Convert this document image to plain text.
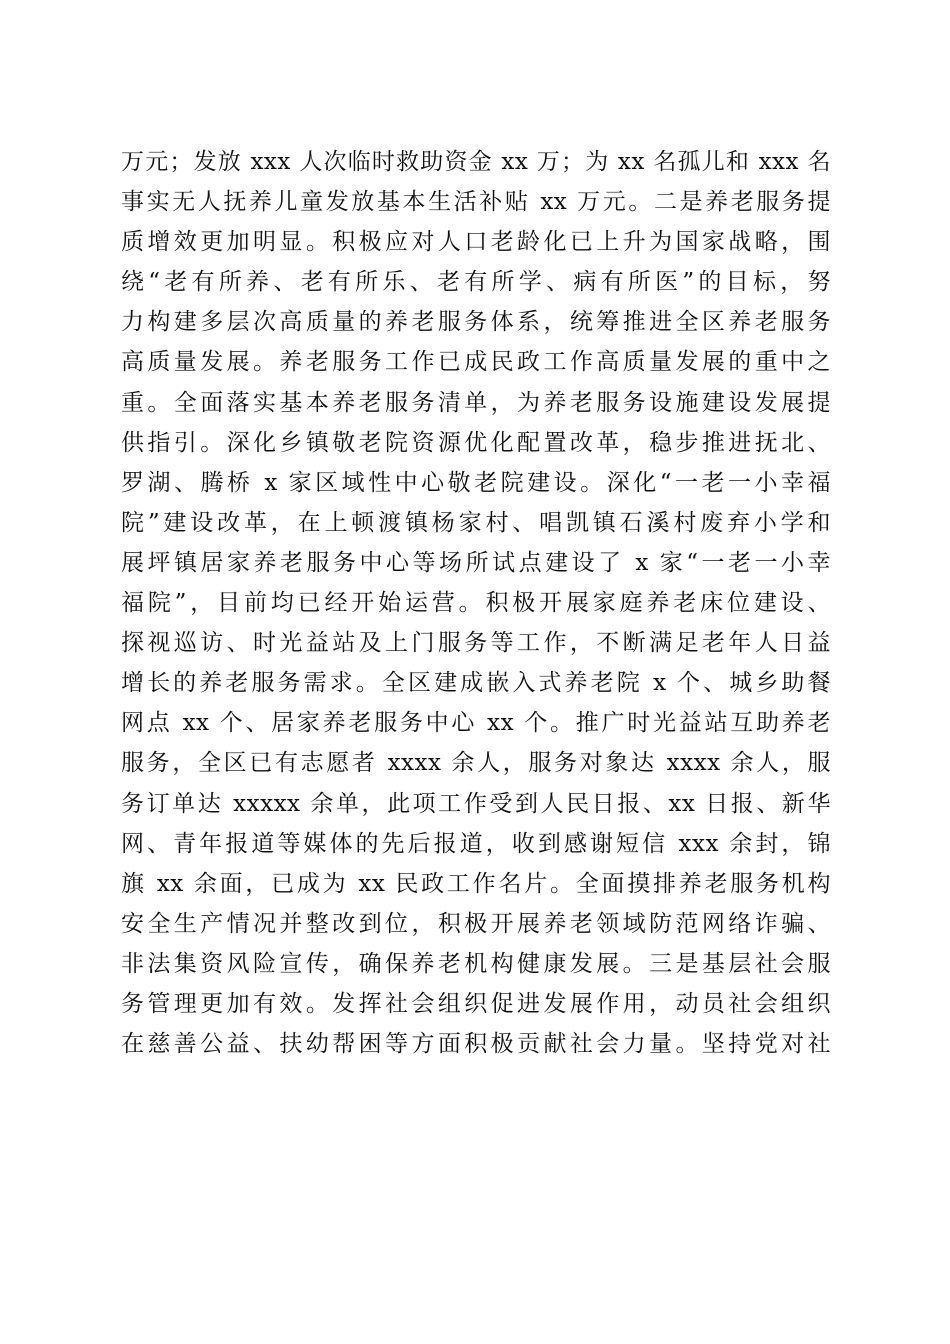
万元；发放 xxx 人次临时救助资金 xx 万；为 xx 名孤儿和 xxx 名
事实无人抚养儿童发放基本生活补贴 xx 万元。二是养老服务提
质增效更加明显。积极应对人口老龄化已上升为国家战略，围
绕“老有所养、老有所乐、老有所学、病有所医”的目标，努
力构建多层次高质量的养老服务体系，统筹推进全区养老服务
高质量发展。养老服务工作已成民政工作高质量发展的重中之
重。全面落实基本养老服务清单，为养老服务设施建设发展提
供指引。深化乡镇敬老院资源优化配置改革，稳步推进抚北、
罗湖、腾桥 x 家区域性中心敬老院建设。深化“一老一小幸福
院”建设改革，在上顿渡镇杨家村、唱凯镇石溪村废弃小学和
展坪镇居家养老服务中心等场所试点建设了 x 家“一老一小幸
福院”，目前均已经开始运营。积极开展家庭养老床位建设、
探视巡访、时光益站及上门服务等工作，不断满足老年人日益
增长的养老服务需求。全区建成嵌入式养老院 x 个、城乡助餐
网点 xx 个、居家养老服务中心 xx 个。推广时光益站互助养老
服务，全区已有志愿者 xxxx 余人，服务对象达 xxxx 余人，服
务订单达 xxxxx 余单，此项工作受到人民日报、xx 日报、新华
网、青年报道等媒体的先后报道，收到感谢短信 xxx 余封，锦
旗 xx 余面，已成为 xx 民政工作名片。全面摸排养老服务机构
安全生产情况并整改到位，积极开展养老领域防范网络诈骗、
非法集资风险宣传，确保养老机构健康发展。三是基层社会服
务管理更加有效。发挥社会组织促进发展作用，动员社会组织
在慈善公益、扶幼帮困等方面积极贡献社会力量。坚持党对社
